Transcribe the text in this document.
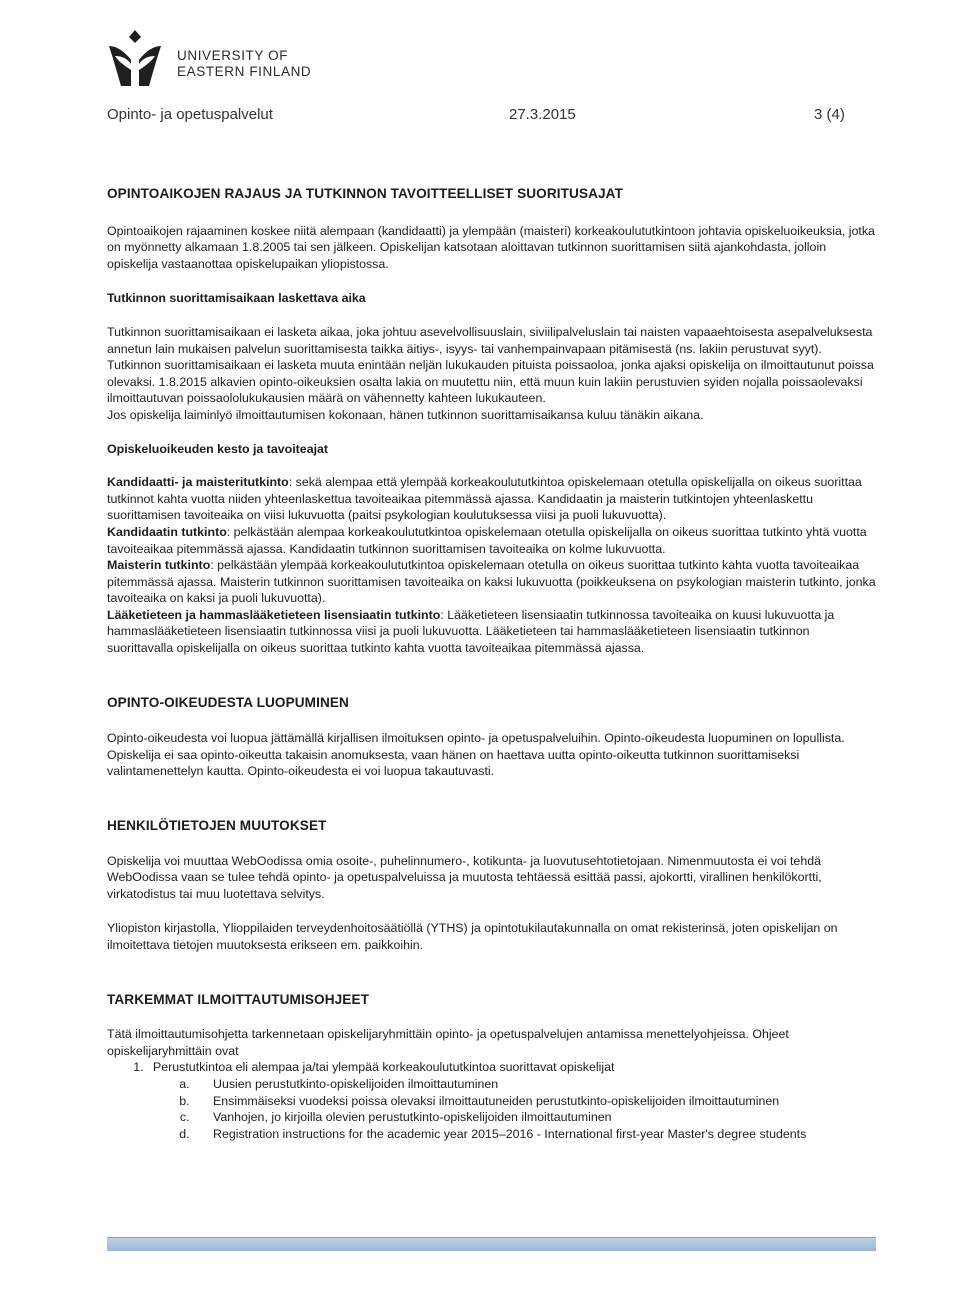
UNIVERSITY OF
EASTERN FINLAND
Opinto- ja opetuspalvelut	27.3.2015	3 (4)
OPINTOAIKOJEN RAJAUS JA TUTKINNON TAVOITTEELLISET SUORITUSAJAT

Opintoaikojen rajaaminen koskee niitä alempaan (kandidaatti) ja ylempään (maisteri) korkeakoulututkintoon johtavia opiskeluoikeuksia, jotka on myönnetty alkamaan 1.8.2005 tai sen jälkeen. Opiskelijan katsotaan aloittavan tutkinnon suorittamisen siitä ajankohdasta, jolloin opiskelija vastaanottaa opiskelupaikan yliopistossa.

Tutkinnon suorittamisaikaan laskettava aika

Tutkinnon suorittamisaikaan ei lasketa aikaa, joka johtuu asevelvollisuuslain, siviilipalveluslain tai naisten vapaaehtoisesta asepalveluksesta annetun lain mukaisen palvelun suorittamisesta taikka äitiys-, isyys- tai vanhempainvapaan pitämisestä (ns. lakiin perustuvat syyt). Tutkinnon suorittamisaikaan ei lasketa muuta enintään neljän lukukauden pituista poissaoloa, jonka ajaksi opiskelija on ilmoittautunut poissa olevaksi. 1.8.2015 alkavien opinto-oikeuksien osalta lakia on muutettu niin, että muun kuin lakiin perustuvien syiden nojalla poissaolevaksi ilmoittautuvan poissaololukukausien määrä on vähennetty kahteen lukukauteen.

Jos opiskelija laiminlyö ilmoittautumisen kokonaan, hänen tutkinnon suorittamisaikansa kuluu tänäkin aikana.

Opiskeluoikeuden kesto ja tavoiteajat

Kandidaatti- ja maisteritutkinto: sekä alempaa että ylempää korkeakoulututkintoa opiskelemaan otetulla opiskelijalla on oikeus suorittaa tutkinnot kahta vuotta niiden yhteenlaskettua tavoiteaikaa pitemmässä ajassa. Kandidaatin ja maisterin tutkintojen yhteenlaskettu suorittamisen tavoiteaika on viisi lukuvuotta (paitsi psykologian koulutuksessa viisi ja puoli lukuvuotta).

Kandidaatin tutkinto: pelkästään alempaa korkeakoulututkintoa opiskelemaan otetulla opiskelijalla on oikeus suorittaa tutkinto yhtä vuotta tavoiteaikaa pitemmässä ajassa. Kandidaatin tutkinnon suorittamisen tavoiteaika on kolme lukuvuotta.

Maisterin tutkinto: pelkästään ylempää korkeakoulututkintoa opiskelemaan otetulla on oikeus suorittaa tutkinto kahta vuotta tavoiteaikaa pitemmässä ajassa. Maisterin tutkinnon suorittamisen tavoiteaika on kaksi lukuvuotta (poikkeuksena on psykologian maisterin tutkinto, jonka tavoiteaika on kaksi ja puoli lukuvuotta).

Lääketieteen ja hammaslääketieteen lisensiaatin tutkinto: Lääketieteen lisensiaatin tutkinnossa tavoiteaika on kuusi lukuvuotta ja hammaslääketieteen lisensiaatin tutkinnossa viisi ja puoli lukuvuotta. Lääketieteen tai hammaslääketieteen lisensiaatin tutkinnon suorittavalla opiskelijalla on oikeus suorittaa tutkinto kahta vuotta tavoiteaikaa pitemmässä ajassa.

OPINTO-OIKEUDESTA LUOPUMINEN

Opinto-oikeudesta voi luopua jättämällä kirjallisen ilmoituksen opinto- ja opetuspalveluihin. Opinto-oikeudesta luopuminen on lopullista. Opiskelija ei saa opinto-oikeutta takaisin anomuksesta, vaan hänen on haettava uutta opinto-oikeutta tutkinnon suorittamiseksi valintamenettelyn kautta. Opinto-oikeudesta ei voi luopua takautuvasti.

HENKILÖTIETOJEN MUUTOKSET

Opiskelija voi muuttaa WebOodissa omia osoite-, puhelinnumero-, kotikunta- ja luovutusehtotietojaan. Nimenmuutosta ei voi tehdä WebOodissa vaan se tulee tehdä opinto- ja opetuspalveluissa ja muutosta tehtäessä esittää passi, ajokortti, virallinen henkilökortti, virkatodistus tai muu luotettava selvitys.

Yliopiston kirjastolla, Ylioppilaiden terveydenhoitosäätiöllä (YTHS) ja opintotukilautakunnalla on omat rekisterinsä, joten opiskelijan on ilmoitettava tietojen muutoksesta erikseen em. paikkoihin.

TARKEMMAT ILMOITTAUTUMISOHJEET

Tätä ilmoittautumisohjetta tarkennetaan opiskelijaryhmittäin opinto- ja opetuspalvelujen antamissa menettelyohjeissa. Ohjeet opiskelijaryhmittäin ovat

1. Perustutkintoa eli alempaa ja/tai ylempää korkeakoulututkintoa suorittavat opiskelijat
a. Uusien perustutkinto-opiskelijoiden ilmoittautuminen
b. Ensimmäiseksi vuodeksi poissa olevaksi ilmoittautuneiden perustutkinto-opiskelijoiden ilmoittautuminen
c. Vanhojen, jo kirjoilla olevien perustutkinto-opiskelijoiden ilmoittautuminen
d. Registration instructions for the academic year 2015–2016 - International first-year Master's degree students
